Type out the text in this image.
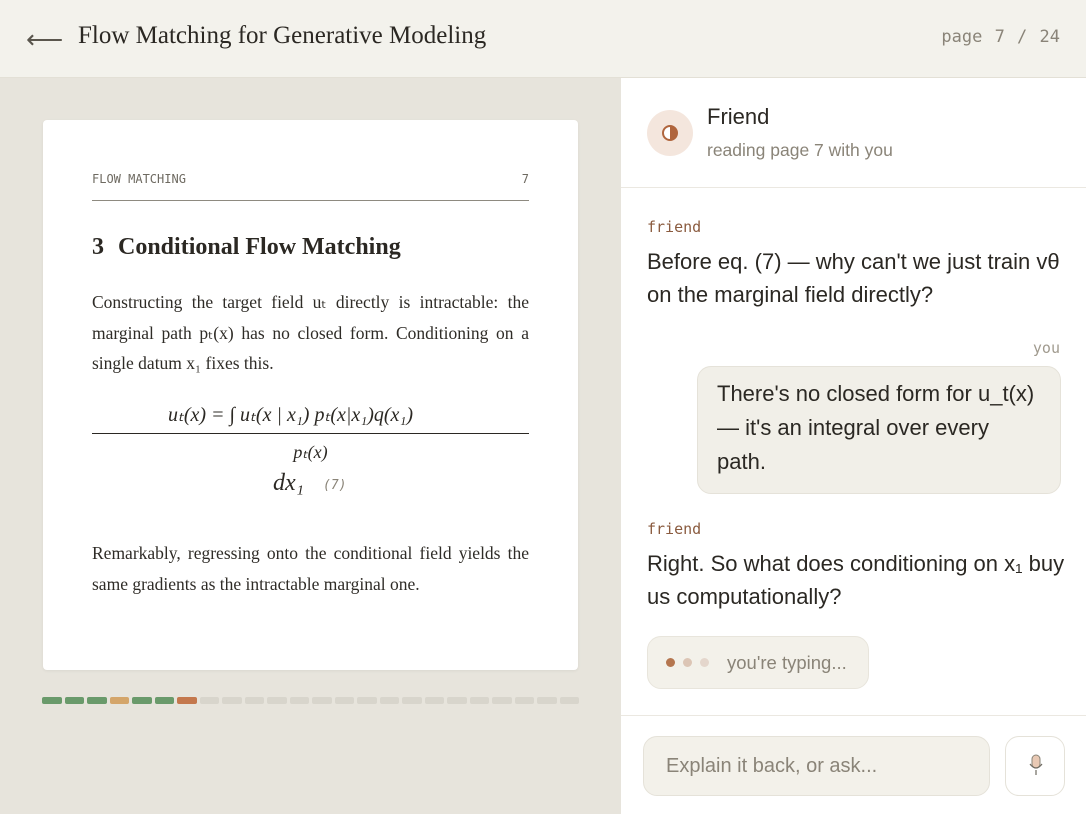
⟵ Flow Matching for Generative Modeling	page 7 / 24
FLOW MATCHING	7
3 Conditional Flow Matching
Constructing the target field uₜ directly is intractable: the marginal path pₜ(x) has no closed form. Conditioning on a single datum x₁ fixes this.
uₜ(x) = ∫ uₜ(x | x₁) pₜ(x|x₁)q(x₁)
pₜ(x)
dx₁ (7)
Remarkably, regressing onto the conditional field yields the same gradients as the intractable marginal one.
Friend
reading page 7 with you
friend
Before eq. (7) — why can't we just train vθ on the marginal field directly?
you
There's no closed form for u_t(x) — it's an integral over every path.
friend
Right. So what does conditioning on x₁ buy us computationally?
you're typing...
Explain it back, or ask...
